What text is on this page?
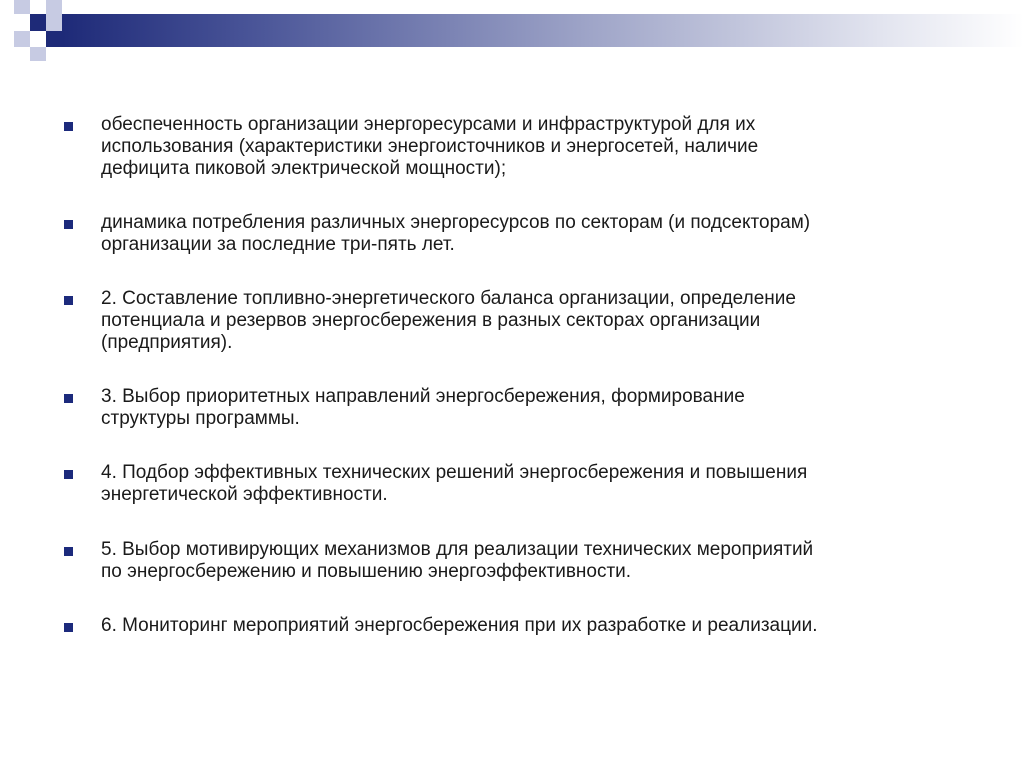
обеспеченность организации энергоресурсами и инфраструктурой для их
использования (характеристики энергоисточников и энергосетей, наличие
дефицита пиковой электрической мощности);
динамика потребления различных энергоресурсов по секторам (и подсекторам)
организации за последние три-пять лет.
2. Составление топливно-энергетического баланса организации, определение
потенциала и резервов энергосбережения в разных секторах организации
(предприятия).
3. Выбор приоритетных направлений энергосбережения, формирование
структуры программы.
4. Подбор эффективных технических решений энергосбережения и повышения
энергетической эффективности.
5. Выбор мотивирующих механизмов для реализации технических мероприятий
по энергосбережению и повышению энергоэффективности.
6. Мониторинг мероприятий энергосбережения при их разработке и реализации.
